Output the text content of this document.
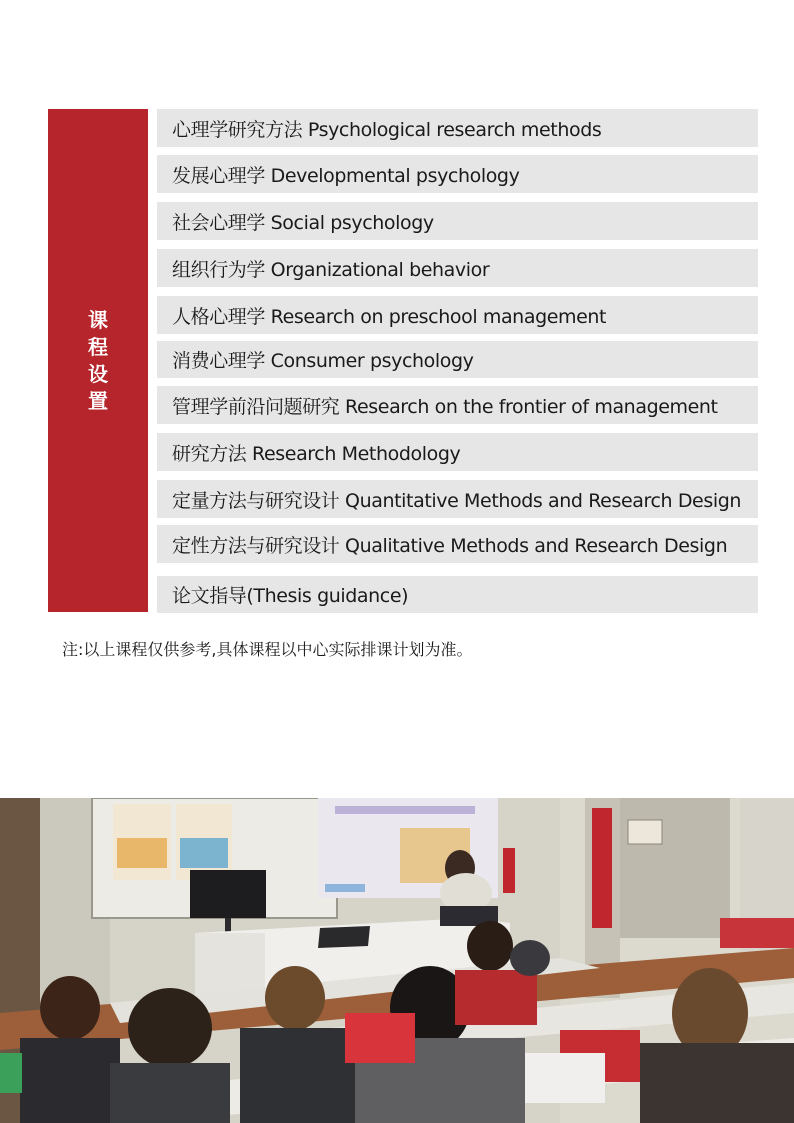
课程设置
心理学研究方法 Psychological research methods
发展心理学 Developmental psychology
社会心理学 Social psychology
组织行为学 Organizational behavior
人格心理学 Research on preschool management
消费心理学 Consumer psychology
管理学前沿问题研究 Research on the frontier of management
研究方法 Research Methodology
定量方法与研究设计 Quantitative Methods and Research Design
定性方法与研究设计 Qualitative Methods and Research Design
论文指导(Thesis guidance)
注:以上课程仅供参考,具体课程以中心实际排课计划为准。
